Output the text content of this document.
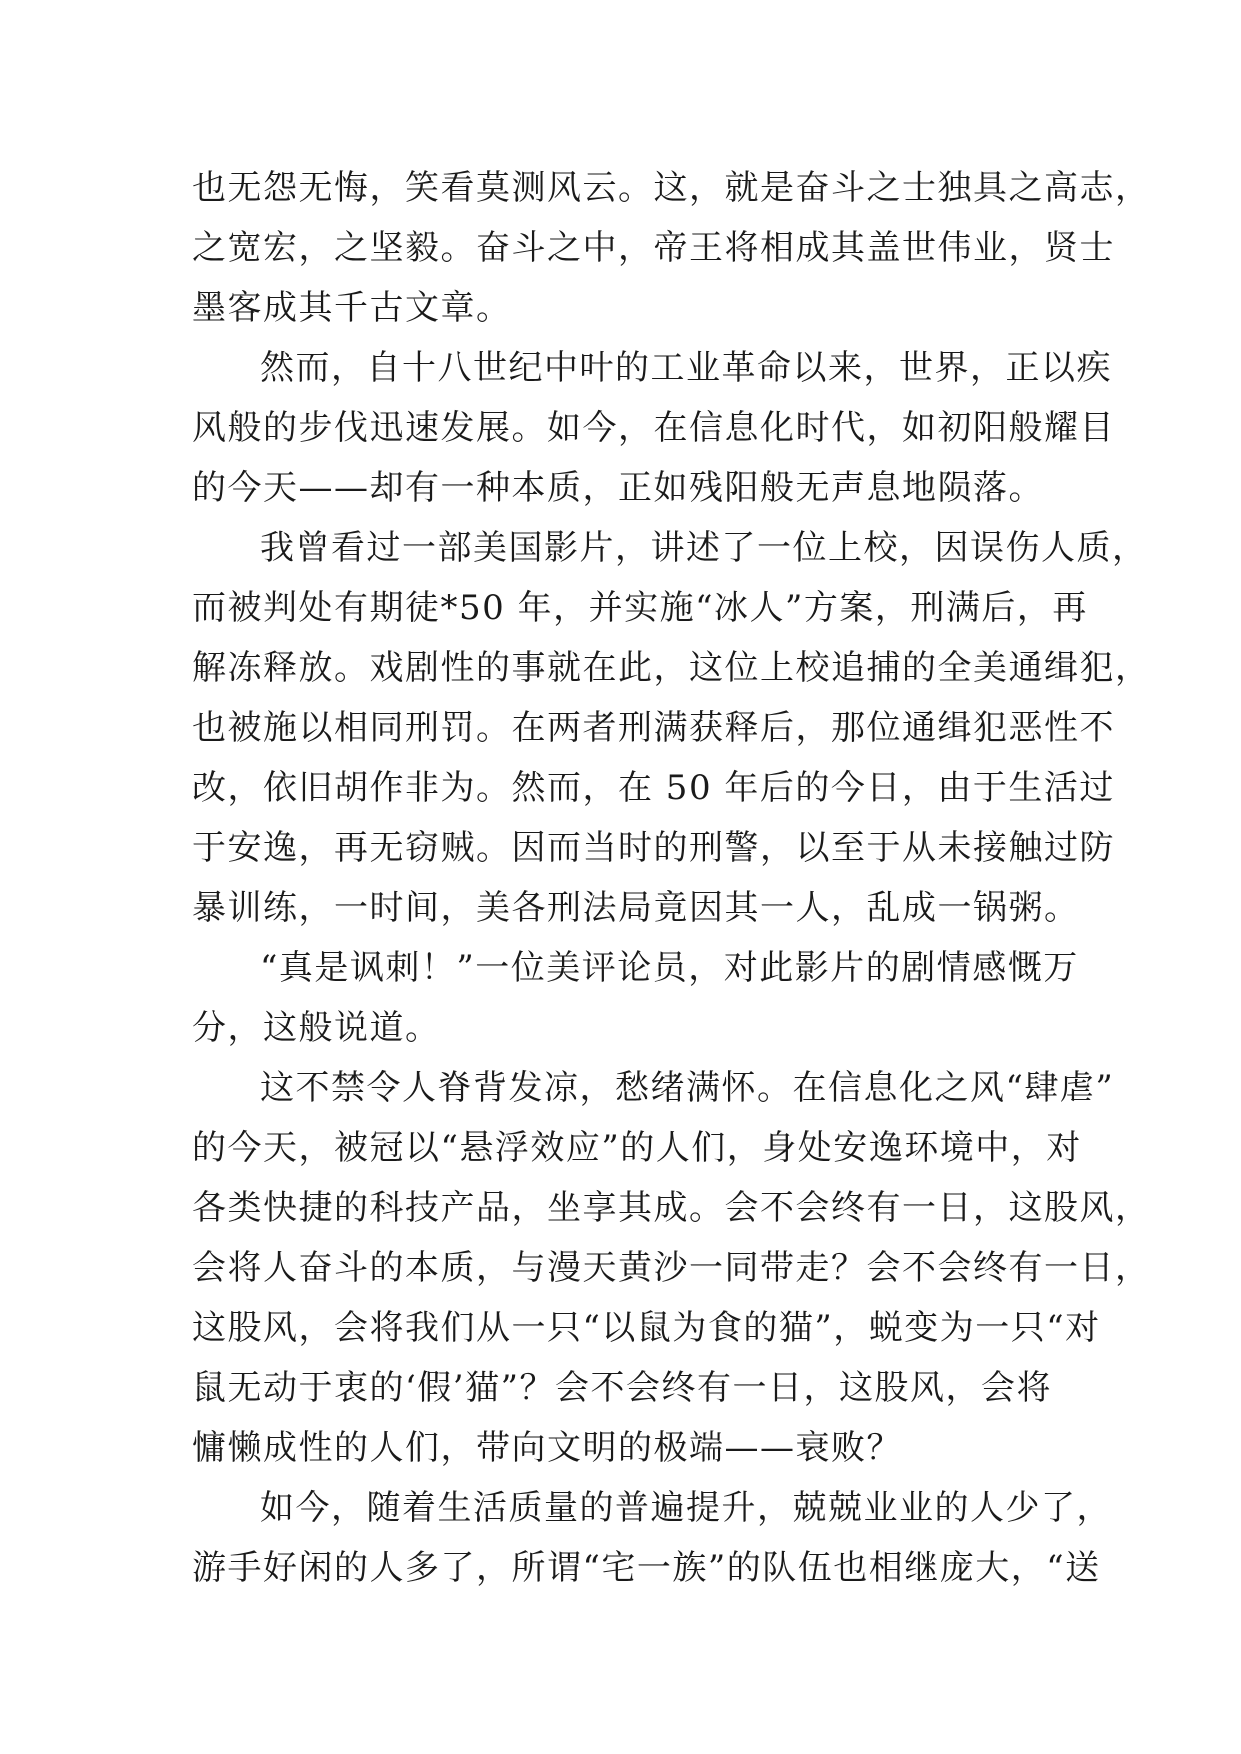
也无怨无悔，笑看莫测风云。这，就是奋斗之士独具之高志，
之宽宏，之坚毅。奋斗之中，帝王将相成其盖世伟业，贤士
墨客成其千古文章。
然而，自十八世纪中叶的工业革命以来，世界，正以疾
风般的步伐迅速发展。如今，在信息化时代，如初阳般耀目
的今天——却有一种本质，正如残阳般无声息地陨落。
我曾看过一部美国影片，讲述了一位上校，因误伤人质，
而被判处有期徒*50 年，并实施“冰人”方案，刑满后，再
解冻释放。戏剧性的事就在此，这位上校追捕的全美通缉犯，
也被施以相同刑罚。在两者刑满获释后，那位通缉犯恶性不
改，依旧胡作非为。然而，在 50 年后的今日，由于生活过
于安逸，再无窃贼。因而当时的刑警，以至于从未接触过防
暴训练，一时间，美各刑法局竟因其一人，乱成一锅粥。
“真是讽刺！”一位美评论员，对此影片的剧情感慨万
分，这般说道。
这不禁令人脊背发凉，愁绪满怀。在信息化之风“肆虐”
的今天，被冠以“悬浮效应”的人们，身处安逸环境中，对
各类快捷的科技产品，坐享其成。会不会终有一日，这股风，
会将人奋斗的本质，与漫天黄沙一同带走？会不会终有一日，
这股风，会将我们从一只“以鼠为食的猫”，蜕变为一只“对
鼠无动于衷的‘假’猫”？会不会终有一日，这股风，会将
慵懒成性的人们，带向文明的极端——衰败？
如今，随着生活质量的普遍提升，兢兢业业的人少了，
游手好闲的人多了，所谓“宅一族”的队伍也相继庞大，“送
